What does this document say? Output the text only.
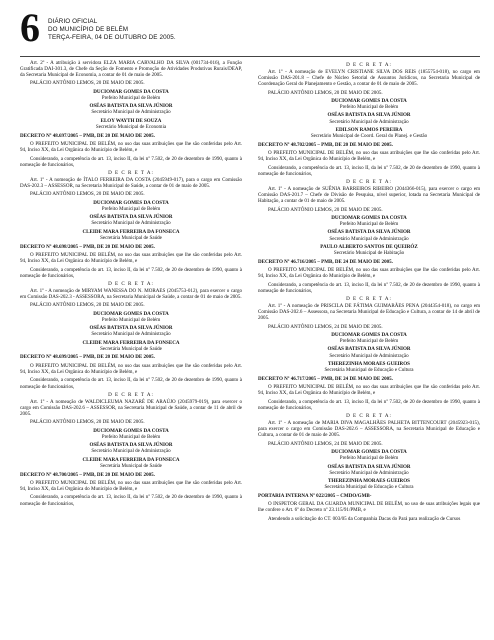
6 DIÁRIO OFICIAL
DO MUNICÍPIO DE BELÉM
TERÇA-FEIRA, 04 DE OUTUBRO DE 2005.

Art. 2º - A atribuição à servidora ELZA MARIA CARVALHO DA SILVA (001734-016), a Função Gratificada DAI-301.3, de Chefe da Seção de Fomento e Promoção de Atividades Produtivas Rurais/DEAP, da Secretaria Municipal de Economia, a contar de 01 de maio de 2005.

PALÁCIO ANTÔNIO LEMOS, 20 DE MAIO DE 2005.

DUCIOMAR GOMES DA COSTA
Prefeito Municipal de Belém
OSÉAS BATISTA DA SILVA JÚNIOR
Secretário Municipal de Administração
ELOY WAYTH DE SOUZA
Secretário Municipal de Economia

DECRETO Nº 48.697/2005 – PMB, DE 20 DE MAIO DE 2005.

O PREFEITO MUNICIPAL DE BELÉM, no uso das suas atribuições que lhe são conferidas pelo Art. 94, Inciso XX, da Lei Orgânica do Município de Belém, e

Considerando, a competência do art. 13, inciso II, da lei nº 7.502, de 20 de dezembro de 1990, quanto à nomeação de funcionários,

D E C R E T A:

Art. 1º - A nomeação de ÍTALO FERREIRA DA COSTA (2045949-017), para o cargo em Comissão DAS-202.3 – ASSESSOR, na Secretaria Municipal de Saúde, a contar de 01 de maio de 2005.

PALÁCIO ANTÔNIO LEMOS, 20 DE MAIO DE 2005.

DUCIOMAR GOMES DA COSTA
Prefeito Municipal de Belém
OSÉAS BATISTA DA SILVA JÚNIOR
Secretário Municipal de Administração
CLEIDE MARA FERREIRA DA FONSECA
Secretária Municipal de Saúde

DECRETO Nº 48.698/2005 – PMB, DE 20 DE MAIO DE 2005.

O PREFEITO MUNICIPAL DE BELÉM, no uso das suas atribuições que lhe são conferidas pelo Art. 94, Inciso XX, da Lei Orgânica do Município de Belém, e

Considerando, a competência do art. 13, inciso II, da lei nº 7.502, de 20 de dezembro de 1990, quanto à nomeação de funcionários,

D E C R E T A:

Art. 1º - A nomeação de MIRYAM WANESSA DO N. MORAES (2045753-012), para exercer o cargo em Comissão DAS-202.3 - ASSESSORA, na Secretaria Municipal de Saúde, a contar de 01 de maio de 2005.

PALÁCIO ANTÔNIO LEMOS, 20 DE MAIO DE 2005.

DUCIOMAR GOMES DA COSTA
Prefeito Municipal de Belém
OSÉAS BATISTA DA SILVA JÚNIOR
Secretário Municipal de Administração
CLEIDE MARA FERREIRA DA FONSECA
Secretária Municipal de Saúde

DECRETO Nº 48.699/2005 – PMB, DE 20 DE MAIO DE 2005.

O PREFEITO MUNICIPAL DE BELÉM, no uso das suas atribuições que lhe são conferidas pelo Art. 94, Inciso XX, da Lei Orgânica do Município de Belém, e

Considerando, a competência do art. 13, inciso II, da lei nº 7.502, de 20 de dezembro de 1990, quanto à nomeação de funcionários,

D E C R E T A:

Art. 1º - A nomeação de WALDICLEUMA NAZARÉ DE ARAÚJO (2045979-019), para exercer o cargo em Comissão DAS-202.6 – ASSESSOR, na Secretaria Municipal de Saúde, a contar de 11 de abril de 2005.

PALÁCIO ANTÔNIO LEMOS, 20 DE MAIO DE 2005.

DUCIOMAR GOMES DA COSTA
Prefeito Municipal de Belém
OSÉAS BATISTA DA SILVA JÚNIOR
Secretário Municipal de Administração
CLEIDE MARA FERREIRA DA FONSECA
Secretária Municipal de Saúde

DECRETO Nº 48.700/2005 – PMB, DE 20 DE MAIO DE 2005.

O PREFEITO MUNICIPAL DE BELÉM, no uso das suas atribuições que lhe são conferidas pelo Art. 94, Inciso XX, da Lei Orgânica do Município de Belém, e

Considerando, a competência do art. 13, inciso II, da lei nº 7.502, de 20 de dezembro de 1990, quanto à nomeação de funcionários,

D E C R E T A:

Art. 1º - A nomeação de EVELYN CRISTIANE SILVA DOS REIS (1855754-018), no cargo em Comissão DAS-201.8 – Chefe de Núcleo Setorial de Assuntos Jurídicos, na Secretaria Municipal de Coordenação Geral do Planejamento e Gestão, a contar de 01 de maio de 2005.

PALÁCIO ANTÔNIO LEMOS, 20 DE MAIO DE 2005.

DUCIOMAR GOMES DA COSTA
Prefeito Municipal de Belém
OSÉAS BATISTA DA SILVA JÚNIOR
Secretário Municipal de Administração
EDILSON RAMOS PEREIRA
Secretário Municipal de Coord. Geral do Planej. e Gestão

DECRETO Nº 48.702/2005 – PMB, DE 20 DE MAIO DE 2005.

O PREFEITO MUNICIPAL DE BELÉM, no uso das suas atribuições que lhe são conferidas pelo Art. 94, Inciso XX, da Lei Orgânica do Município de Belém, e

Considerando, a competência do art. 13, inciso II, da lei nº 7.502, de 20 de dezembro de 1990, quanto à nomeação de funcionários,

D E C R E T A:

Art. 1º - A nomeação de SUÊNIA BARREIROS RIBEIRO (2044366-015), para exercer o cargo em Comissão DAS-201.7 – Chefe de Divisão de Pesquisa, nível superior, lotada na Secretaria Municipal de Habitação, a contar de 01 de maio de 2005.

PALÁCIO ANTÔNIO LEMOS, 20 DE MAIO DE 2005.

DUCIOMAR GOMES DA COSTA
Prefeito Municipal de Belém
OSÉAS BATISTA DA SILVA JÚNIOR
Secretário Municipal de Administração
PAULO ALBERTO SANTOS DE QUEIRÓZ
Secretário Municipal de Habitação

DECRETO Nº 46.716/2005 – PMB, DE 24 DE MAIO DE 2005.

O PREFEITO MUNICIPAL DE BELÉM, no uso das suas atribuições que lhe são conferidas pelo Art. 94, Inciso XX, da Lei Orgânica do Município de Belém, e

Considerando, a competência do art. 13, inciso II, da lei nº 7.502, de 20 de dezembro de 1990, quanto à nomeação de funcionários,

D E C R E T A:

Art. 1º - A nomeação de PRISCILA DE FÁTIMA GUIMARÃES PENA (2044354-018), no cargo em Comissão DAS-202.6 – Assessora, na Secretaria Municipal de Educação e Cultura, a contar de 14 de abril de 2005.

PALÁCIO ANTÔNIO LEMOS, 24 DE MAIO DE 2005.

DUCIOMAR GOMES DA COSTA
Prefeito Municipal de Belém
OSÉAS BATISTA DA SILVA JÚNIOR
Secretário Municipal de Administração
THEREZINHA MORAES GUEIROS
Secretária Municipal de Educação e Cultura

DECRETO Nº 46.717/2005 – PMB, DE 24 DE MAIO DE 2005.

O PREFEITO MUNICIPAL DE BELÉM, no uso das suas atribuições que lhe são conferidas pelo Art. 94, Inciso XX, da Lei Orgânica do Município de Belém, e

Considerando, a competência do art. 13, inciso II, da lei nº 7.502, de 20 de dezembro de 1990, quanto à nomeação de funcionários,

D E C R E T A:

Art. 1º - A nomeação de MARIA DIVA MAGALHÃES PALHETA BITTENCOURT (2045923-015), para exercer o cargo em Comissão DAS-202.6 – ASSESSORA, na Secretaria Municipal de Educação e Cultura, a contar de 01 de maio de 2005.

PALÁCIO ANTÔNIO LEMOS, 24 DE MAIO DE 2005.

DUCIOMAR GOMES DA COSTA
Prefeito Municipal de Belém
OSÉAS BATISTA DA SILVA JÚNIOR
Secretário Municipal de Administração
THEREZINHA MORAES GUEIROS
Secretária Municipal de Educação e Cultura

PORTARIA INTERNA Nº 022/2005 – CMDO/GMB-

O INSPETOR GERAL DA GUARDA MUNICIPAL DE BELÉM, no uso de suas atribuições legais que lhe confere o Art. 6º do Decreto nº 23.115/91/PMB, e

Atendendo a solicitação do CT. 003/05 da Companhia Dacas do Pará para realização de Cursos
